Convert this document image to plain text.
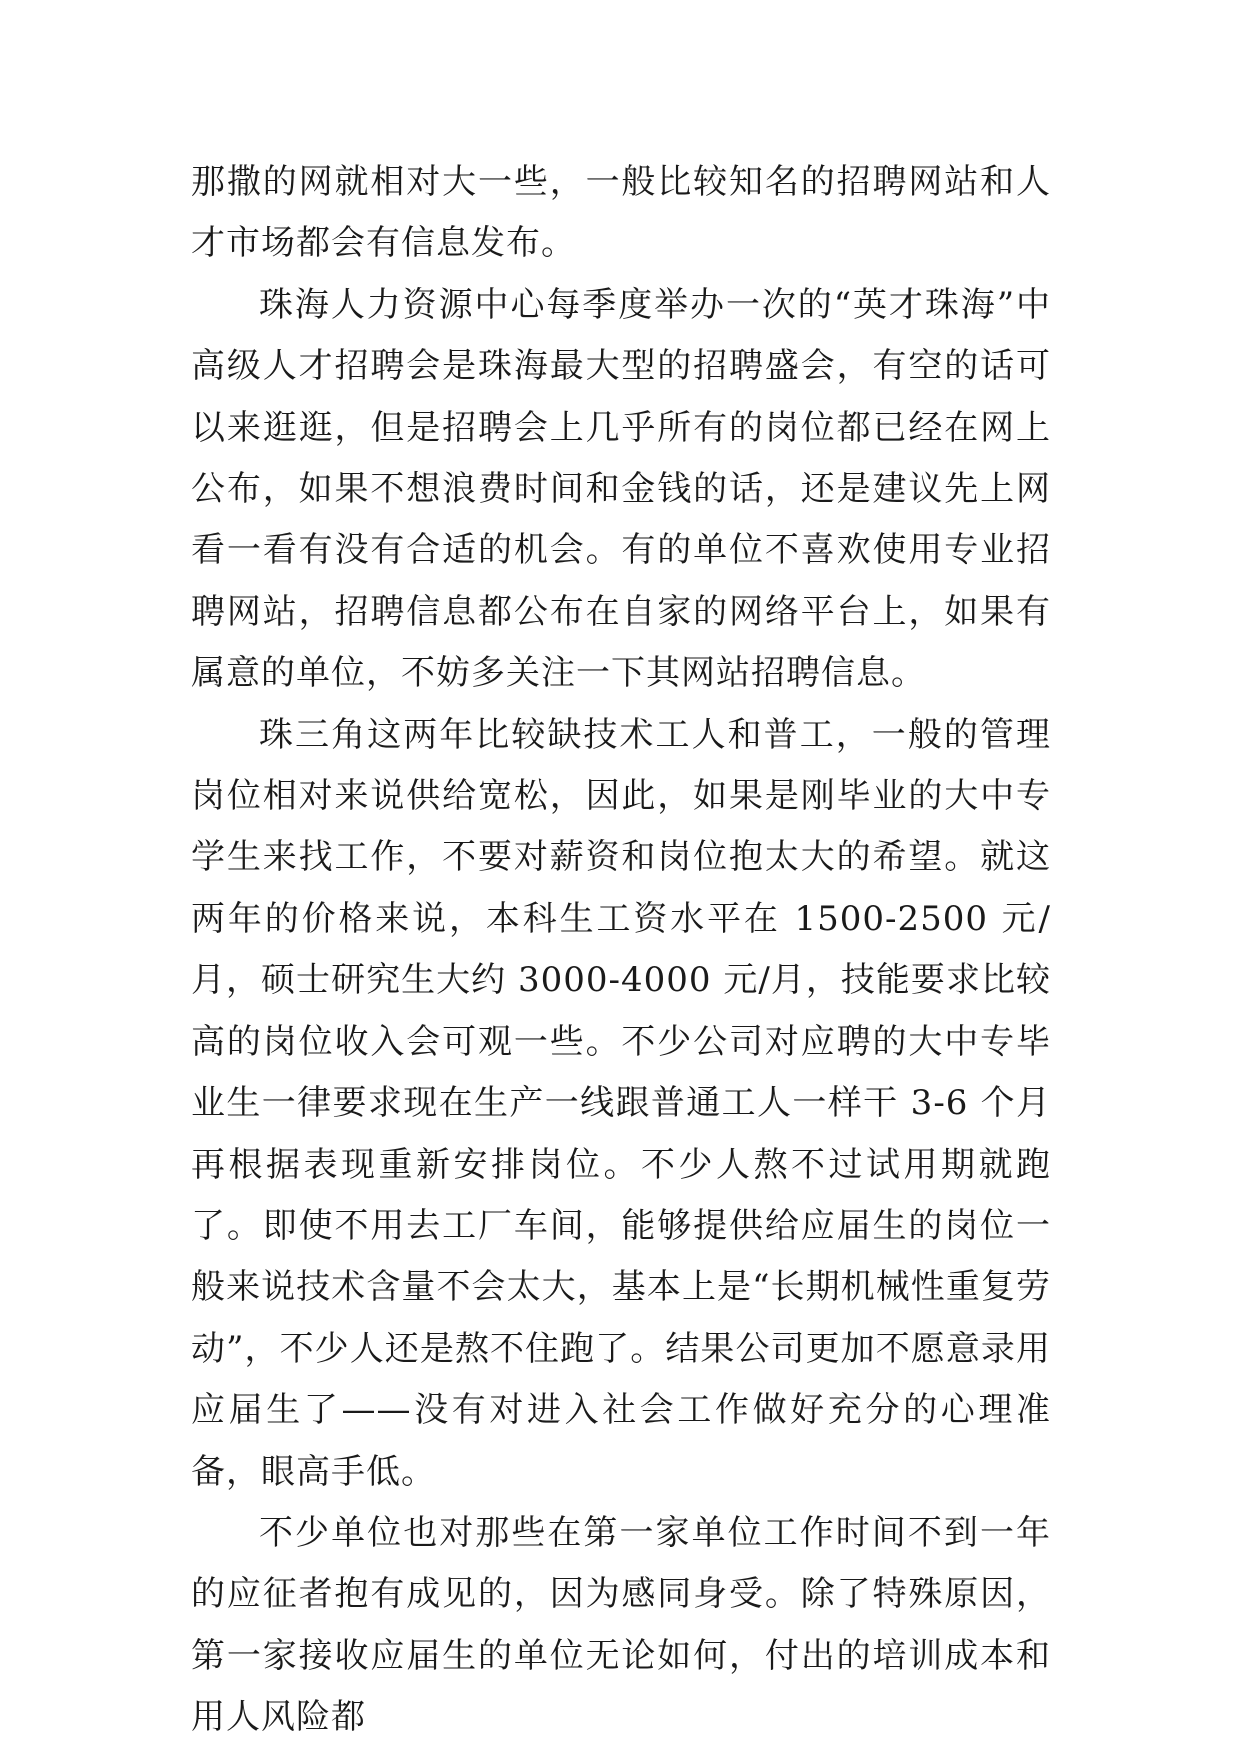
那撒的网就相对大一些，一般比较知名的招聘网站和人才市场都会有信息发布。

珠海人力资源中心每季度举办一次的“英才珠海”中高级人才招聘会是珠海最大型的招聘盛会，有空的话可以来逛逛，但是招聘会上几乎所有的岗位都已经在网上公布，如果不想浪费时间和金钱的话，还是建议先上网看一看有没有合适的机会。有的单位不喜欢使用专业招聘网站，招聘信息都公布在自家的网络平台上，如果有属意的单位，不妨多关注一下其网站招聘信息。

珠三角这两年比较缺技术工人和普工，一般的管理岗位相对来说供给宽松，因此，如果是刚毕业的大中专学生来找工作，不要对薪资和岗位抱太大的希望。就这两年的价格来说，本科生工资水平在 1500-2500 元/月，硕士研究生大约 3000-4000 元/月，技能要求比较高的岗位收入会可观一些。不少公司对应聘的大中专毕业生一律要求现在生产一线跟普通工人一样干 3-6 个月再根据表现重新安排岗位。不少人熬不过试用期就跑了。即使不用去工厂车间，能够提供给应届生的岗位一般来说技术含量不会太大，基本上是“长期机械性重复劳动”，不少人还是熬不住跑了。结果公司更加不愿意录用应届生了——没有对进入社会工作做好充分的心理准备，眼高手低。

不少单位也对那些在第一家单位工作时间不到一年的应征者抱有成见的，因为感同身受。除了特殊原因，第一家接收应届生的单位无论如何，付出的培训成本和用人风险都
